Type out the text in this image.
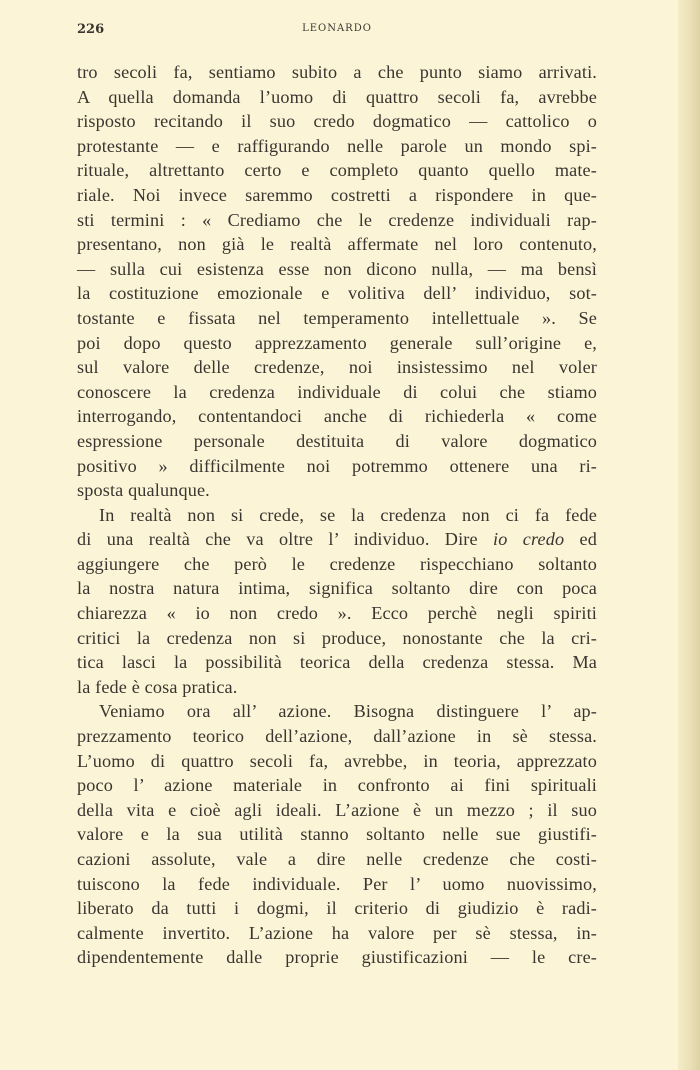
226	LEONARDO
tro secoli fa, sentiamo subito a che punto siamo arrivati.
A quella domanda l’uomo di quattro secoli fa, avrebbe
risposto recitando il suo credo dogmatico — cattolico o
protestante — e raffigurando nelle parole un mondo spi-
rituale, altrettanto certo e completo quanto quello mate-
riale. Noi invece saremmo costretti a rispondere in que-
sti termini : « Crediamo che le credenze individuali rap-
presentano, non già le realtà affermate nel loro contenuto,
— sulla cui esistenza esse non dicono nulla, — ma bensì
la costituzione emozionale e volitiva dell’ individuo, sot-
tostante e fissata nel temperamento intellettuale ». Se
poi dopo questo apprezzamento generale sull’origine e,
sul valore delle credenze, noi insistessimo nel voler
conoscere la credenza individuale di colui che stiamo
interrogando, contentandoci anche di richiederla « come
espressione personale destituita di valore dogmatico
positivo » difficilmente noi potremmo ottenere una ri-
sposta qualunque.
In realtà non si crede, se la credenza non ci fa fede
di una realtà che va oltre l’ individuo. Dire io credo ed
aggiungere che però le credenze rispecchiano soltanto
la nostra natura intima, significa soltanto dire con poca
chiarezza « io non credo ». Ecco perchè negli spiriti
critici la credenza non si produce, nonostante che la cri-
tica lasci la possibilità teorica della credenza stessa. Ma
la fede è cosa pratica.
Veniamo ora all’ azione. Bisogna distinguere l’ ap-
prezzamento teorico dell’azione, dall’azione in sè stessa.
L’uomo di quattro secoli fa, avrebbe, in teoria, apprezzato
poco l’ azione materiale in confronto ai fini spirituali
della vita e cioè agli ideali. L’azione è un mezzo ; il suo
valore e la sua utilità stanno soltanto nelle sue giustifi-
cazioni assolute, vale a dire nelle credenze che costi-
tuiscono la fede individuale. Per l’ uomo nuovissimo,
liberato da tutti i dogmi, il criterio di giudizio è radi-
calmente invertito. L’azione ha valore per sè stessa, in-
dipendentemente dalle proprie giustificazioni — le cre-
